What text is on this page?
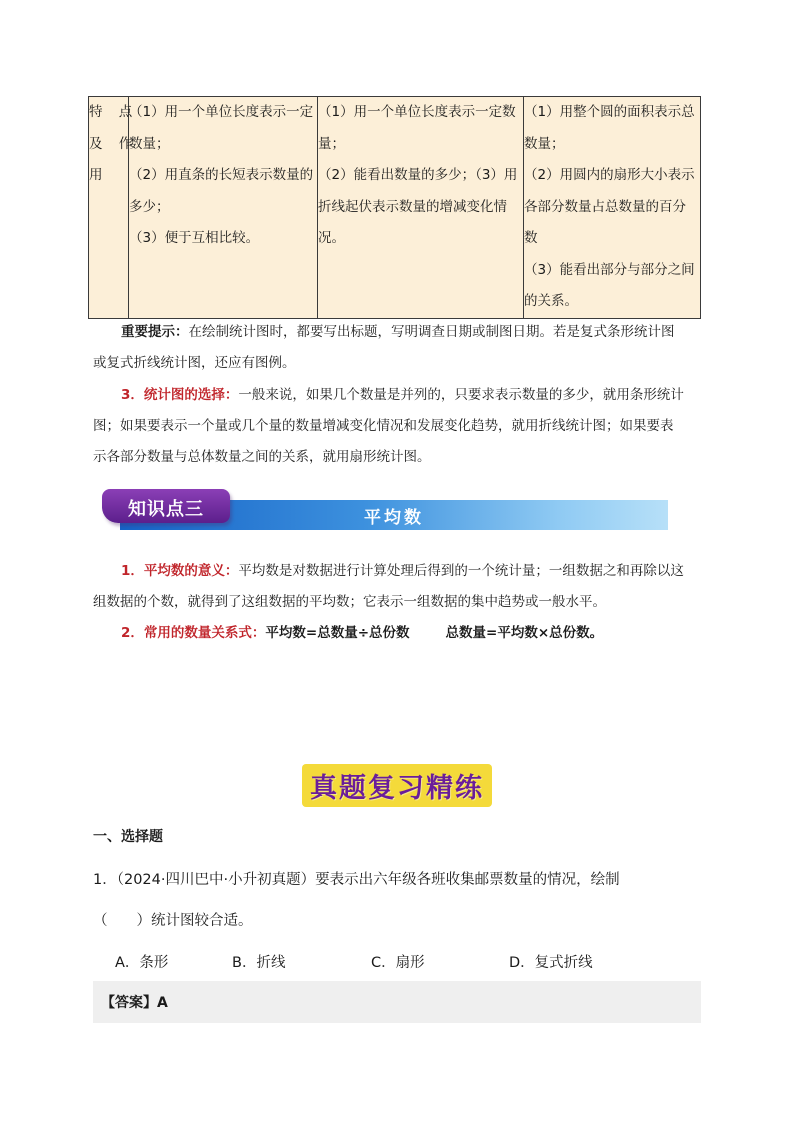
特 点
及 作
用

（1）用一个单位长度表示一定
数量；
（2）用直条的长短表示数量的
多少；
（3）便于互相比较。

（1）用一个单位长度表示一定数
量；
（2）能看出数量的多少；（3）用
折线起伏表示数量的增减变化情
况。

（1）用整个圆的面积表示总
数量；
（2）用圆内的扇形大小表示
各部分数量占总数量的百分
数
（3）能看出部分与部分之间
的关系。
重要提示：在绘制统计图时，都要写出标题，写明调查日期或制图日期。若是复式条形统计图
或复式折线统计图，还应有图例。
3．统计图的选择：一般来说，如果几个数量是并列的，只要求表示数量的多少，就用条形统计
图；如果要表示一个量或几个量的数量增减变化情况和发展变化趋势，就用折线统计图；如果要表
示各部分数量与总体数量之间的关系，就用扇形统计图。
平均数
知识点三
1．平均数的意义：平均数是对数据进行计算处理后得到的一个统计量；一组数据之和再除以这
组数据的个数，就得到了这组数据的平均数；它表示一组数据的集中趋势或一般水平。
2．常用的数量关系式：平均数=总数量÷总份数	总数量=平均数×总份数。
真题复习精练
一、选择题
1．（2024·四川巴中·小升初真题）要表示出六年级各班收集邮票数量的情况，绘制
（　　）统计图较合适。
A．条形	B．折线	C．扇形	D．复式折线
【答案】A
